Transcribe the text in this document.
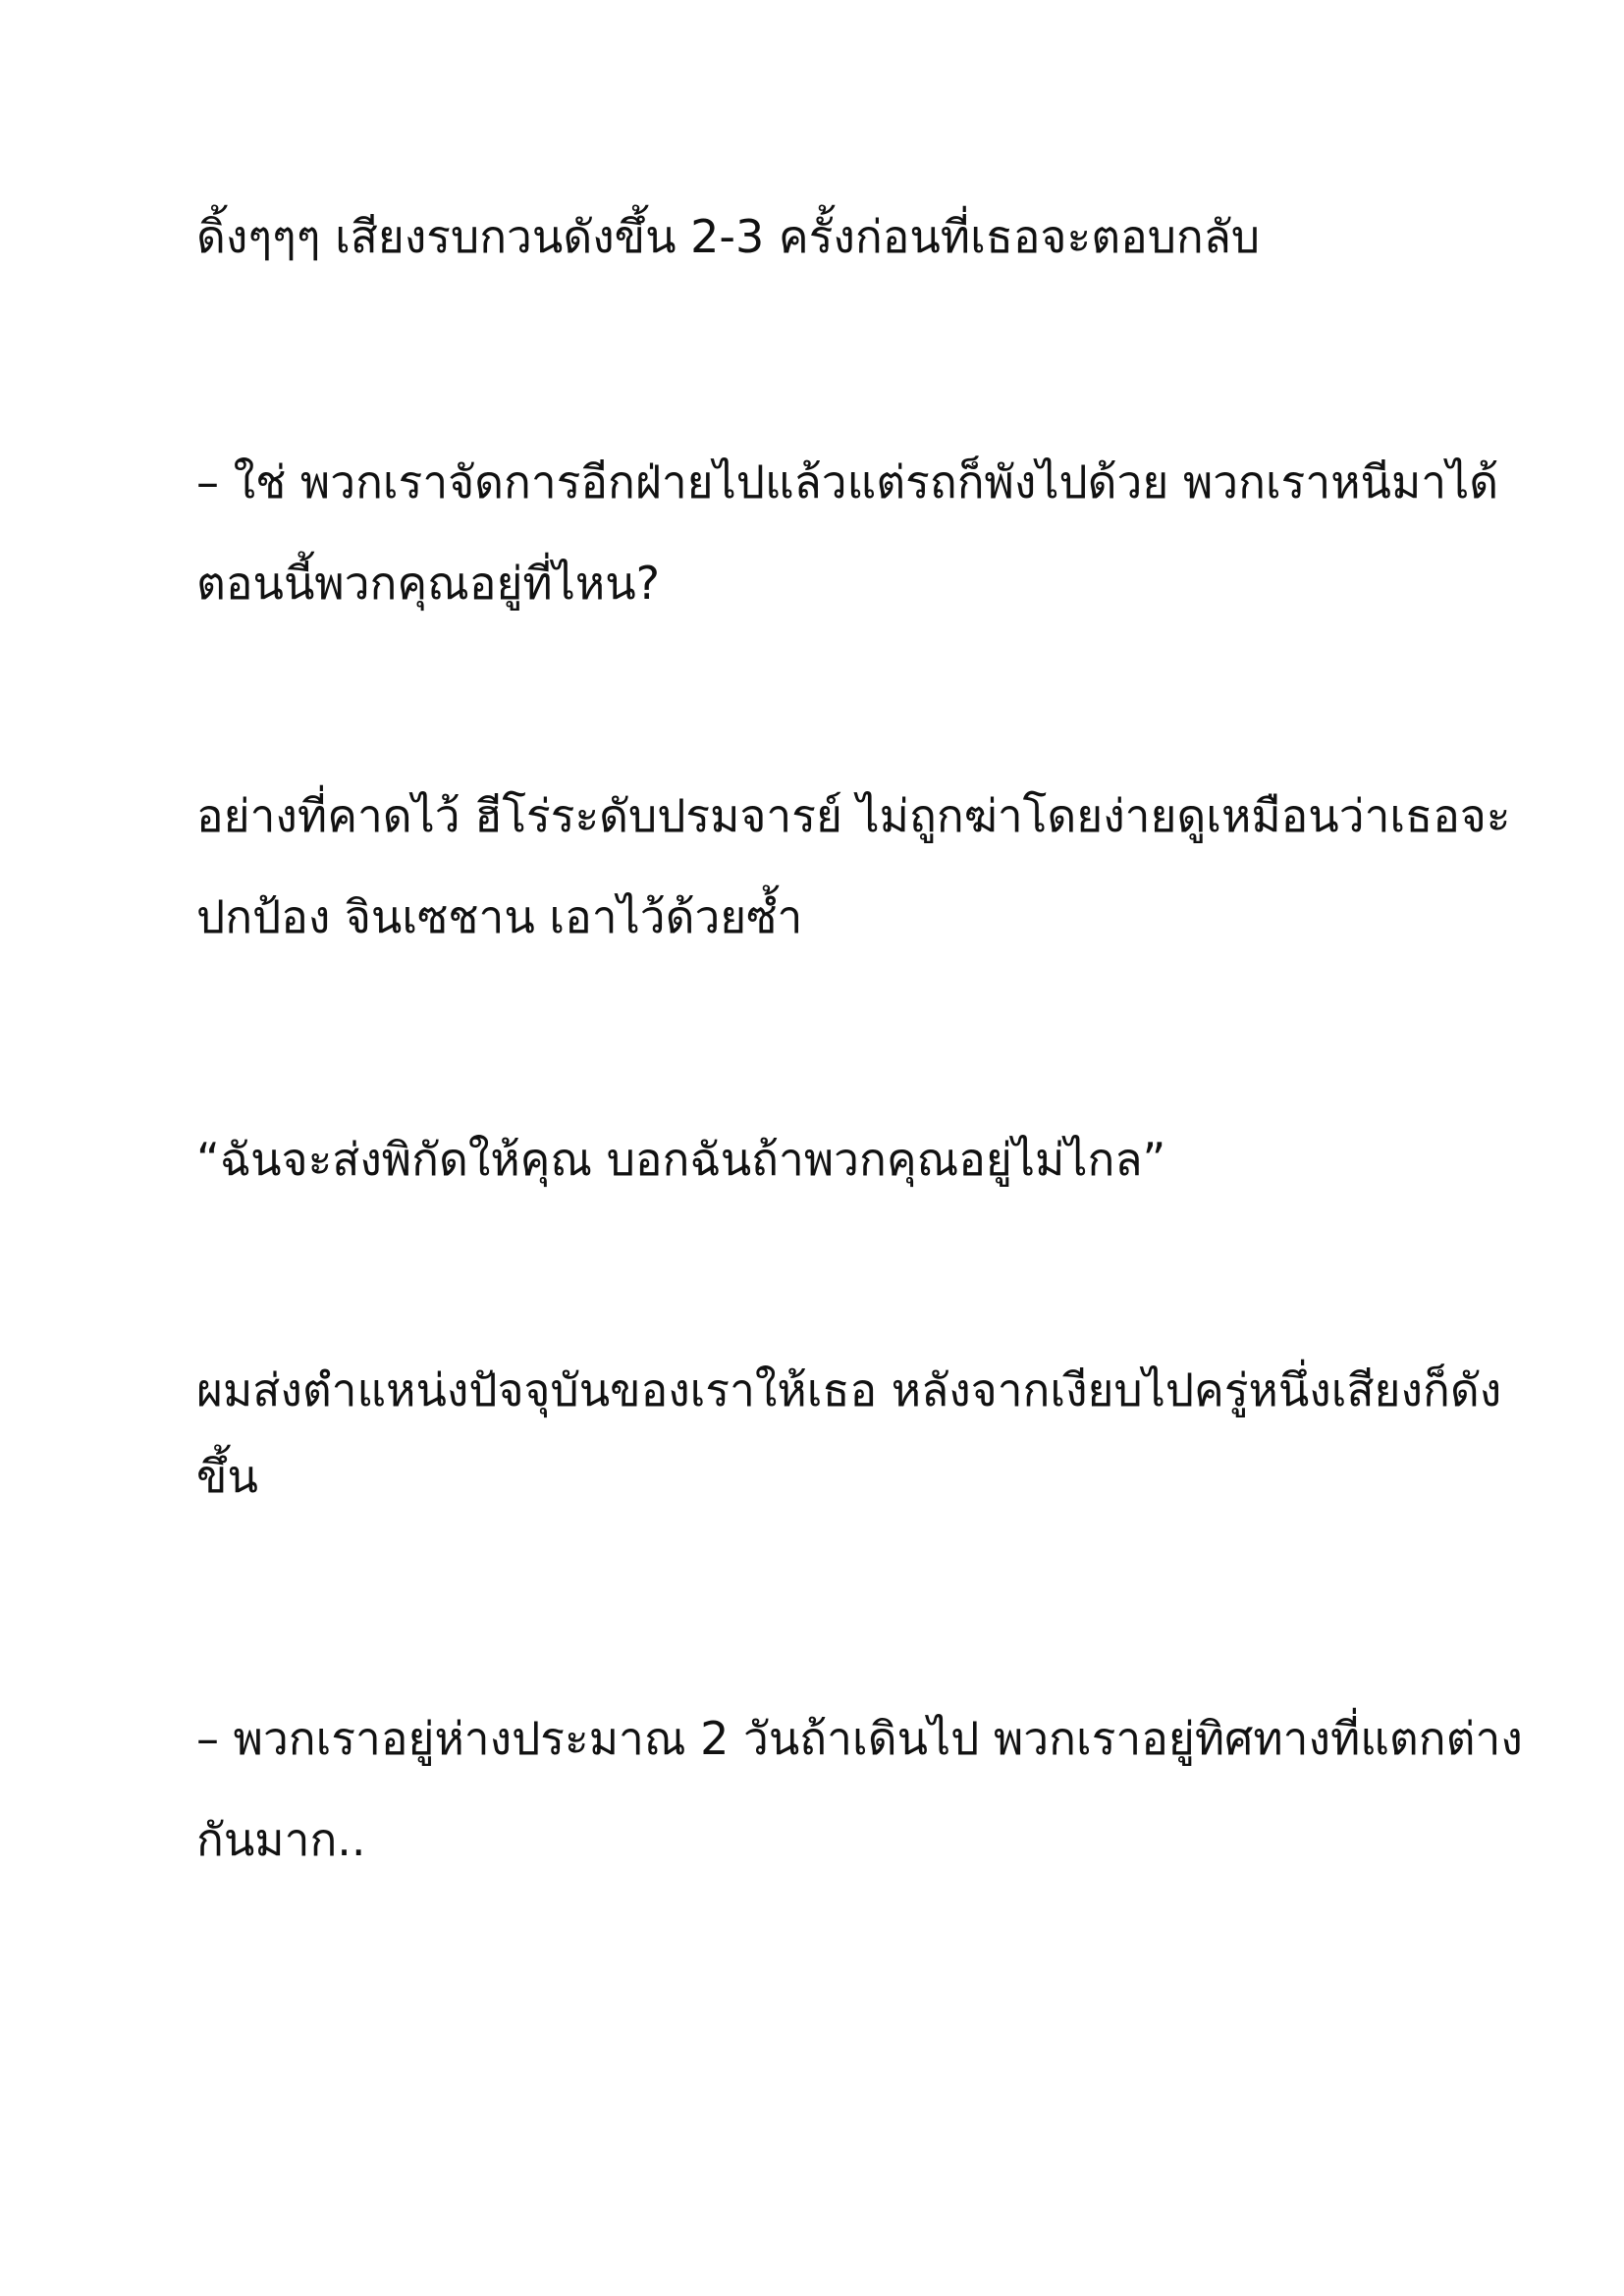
ดิ้งๆๆๆ เสียงรบกวนดังขึ้น 2-3 ครั้งก่อนที่เธอจะตอบกลับ

– ใช่ พวกเราจัดการอีกฝ่ายไปแล้วแต่รถก็พังไปด้วย พวกเราหนีมาได้
ตอนนี้พวกคุณอยู่ที่ไหน?

อย่างที่คาดไว้ ฮีโร่ระดับปรมจารย์ ไม่ถูกฆ่าโดยง่ายดูเหมือนว่าเธอจะ
ปกป้อง จินเซชาน เอาไว้ด้วยซ้ำ

“ฉันจะส่งพิกัดให้คุณ บอกฉันถ้าพวกคุณอยู่ไม่ไกล”

ผมส่งตำแหน่งปัจจุบันของเราให้เธอ หลังจากเงียบไปครู่หนึ่งเสียงก็ดัง
ขึ้น

– พวกเราอยู่ห่างประมาณ 2 วันถ้าเดินไป พวกเราอยู่ทิศทางที่แตกต่าง
กันมาก..
